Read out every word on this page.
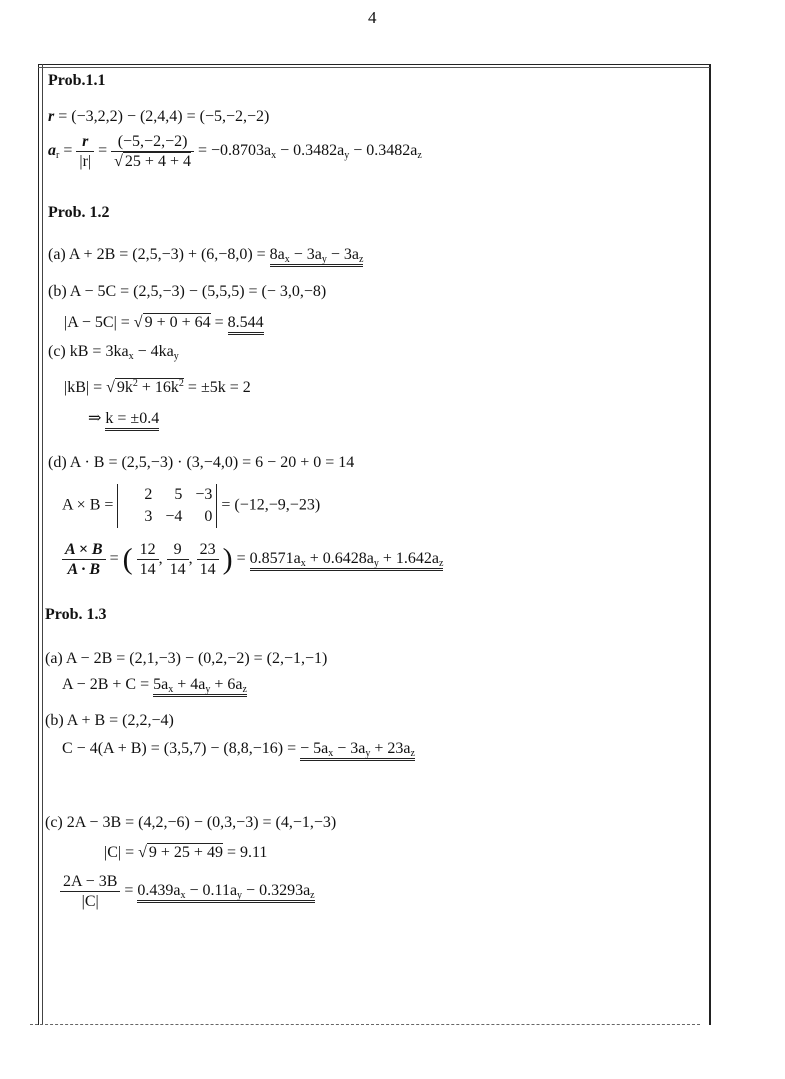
4
Prob.1.1
r = (−3,2,2) − (2,4,4) = (−5,−2,−2)
$a_r = \frac{r}{|r|} = \frac{(-5,-2,-2)}{√ 25 + 4 + 4} = -0.8703a_x - 0.3482a_y - 0.3482a_z$
Prob. 1.2
(a) $A + 2B = (2,5,-3) + (6,-8,0) = 8a_x - 3a_y - 3a_z$
(b) A − 5C = (2,5,−3) − (5,5,5) = (− 3,0,−8)
|A − 5C| = √ 9 + 0 + 64 = 8.544
(c) kB = $3ka_x - 4ka_y$
|kB| = √ $9k^2 + 16k^2 = \pm 5k = 2$
⇒ k = ±0.4
(d) A · B = (2,5,−3) · (3,−4,0) = 6 − 20 + 0 = 14
A × B = 2 5 −3
3 −4 0 = (−12,−9,−23)
$\frac{A \times B}{A \cdot B}$ = ( $\frac{12}{14}$ , $\frac{9}{14}$ , $\frac{23}{14}$ ) = $0.8571a_x + 0.6428a_y + 1.642a_z$
Prob. 1.3
(a) A − 2B = (2,1,−3) − (0,2,−2) = (2,−1,−1)
$A - 2B + C = 5a_x + 4a_y + 6a_z$
(b) A + B = (2,2,−4)
C − 4(A + B) = (3,5,7) − (8,8,−16) = − $5a_x - 3a_y + 23a_z$
(c) 2A − 3B = (4,2,−6) − (0,3,−3) = (4,−1,−3)
|C| = √ 9 + 25 + 49 = 9.11
$\frac{2A - 3B}{|C|} = 0.439a_x - 0.11a_y - 0.3293a_z$
